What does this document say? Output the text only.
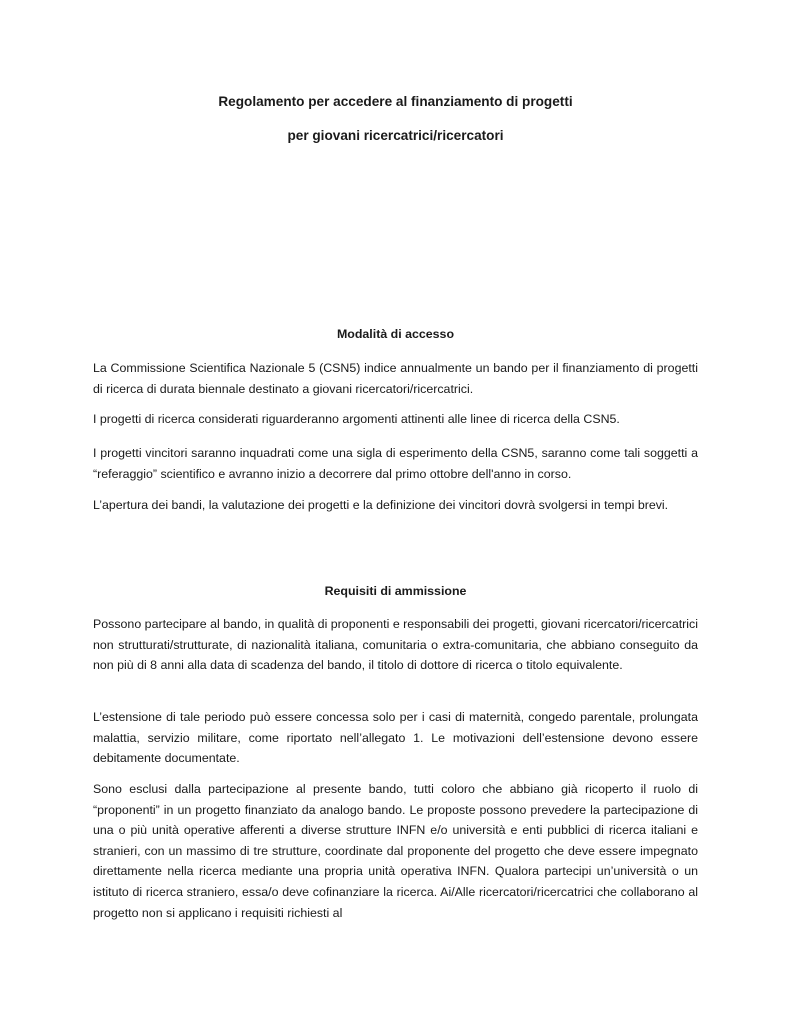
Regolamento per accedere al finanziamento di progetti
per giovani ricercatrici/ricercatori
Modalità di accesso

La Commissione Scientifica Nazionale 5 (CSN5) indice annualmente un bando per il finanziamento di progetti di ricerca di durata biennale destinato a giovani ricercatori/ricercatrici.

I progetti di ricerca considerati riguarderanno argomenti attinenti alle linee di ricerca della CSN5.

I progetti vincitori saranno inquadrati come una sigla di esperimento della CSN5, saranno come tali soggetti a “referaggio” scientifico e avranno inizio a decorrere dal primo ottobre dell'anno in corso.

L’apertura dei bandi, la valutazione dei progetti e la definizione dei vincitori dovrà svolgersi in tempi brevi.

Requisiti di ammissione

Possono partecipare al bando, in qualità di proponenti e responsabili dei progetti, giovani ricercatori/ricercatrici non strutturati/strutturate, di nazionalità italiana, comunitaria o extra-comunitaria, che abbiano conseguito da non più di 8 anni alla data di scadenza del bando, il titolo di dottore di ricerca o titolo equivalente.

L’estensione di tale periodo può essere concessa solo per i casi di maternità, congedo parentale, prolungata malattia, servizio militare, come riportato nell’allegato 1. Le motivazioni dell’estensione devono essere debitamente documentate.

Sono esclusi dalla partecipazione al presente bando, tutti coloro che abbiano già ricoperto il ruolo di “proponenti” in un progetto finanziato da analogo bando. Le proposte possono prevedere la partecipazione di una o più unità operative afferenti a diverse strutture INFN e/o università e enti pubblici di ricerca italiani e stranieri, con un massimo di tre strutture, coordinate dal proponente del progetto che deve essere impegnato direttamente nella ricerca mediante una propria unità operativa INFN. Qualora partecipi un’università o un istituto di ricerca straniero, essa/o deve cofinanziare la ricerca. Ai/Alle ricercatori/ricercatrici che collaborano al progetto non si applicano i requisiti richiesti al
